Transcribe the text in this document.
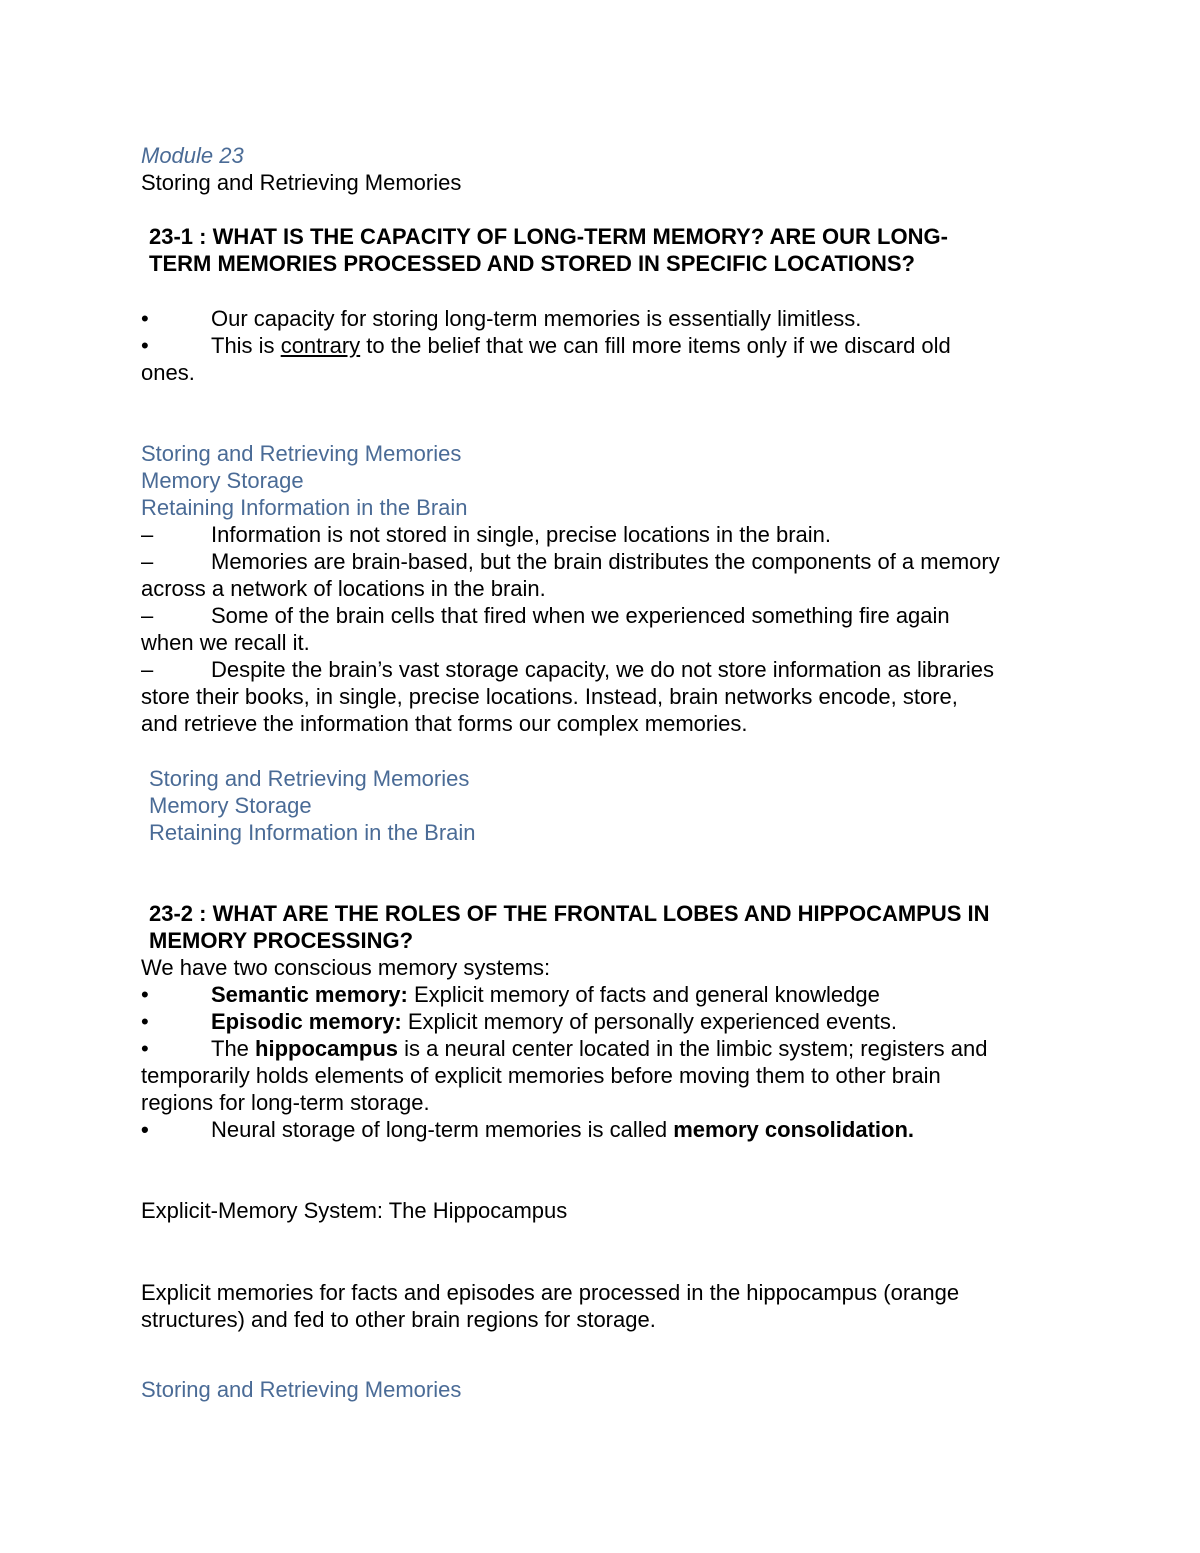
Module 23
Storing and Retrieving Memories
23-1 : WHAT IS THE CAPACITY OF LONG-TERM MEMORY? ARE OUR LONG-
TERM MEMORIES PROCESSED AND STORED IN SPECIFIC LOCATIONS?
•	Our capacity for storing long-term memories is essentially limitless.
•	This is contrary to the belief that we can fill more items only if we discard old
ones.
Storing and Retrieving Memories
Memory Storage
Retaining Information in the Brain
–	Information is not stored in single, precise locations in the brain.
–	Memories are brain-based, but the brain distributes the components of a memory
across a network of locations in the brain.
–	Some of the brain cells that fired when we experienced something fire again
when we recall it.
–	Despite the brain’s vast storage capacity, we do not store information as libraries
store their books, in single, precise locations. Instead, brain networks encode, store,
and retrieve the information that forms our complex memories.
Storing and Retrieving Memories
Memory Storage
Retaining Information in the Brain
23-2 : WHAT ARE THE ROLES OF THE FRONTAL LOBES AND HIPPOCAMPUS IN
MEMORY PROCESSING?
We have two conscious memory systems:
•	Semantic memory: Explicit memory of facts and general knowledge
•	Episodic memory: Explicit memory of personally experienced events.
•	The hippocampus is a neural center located in the limbic system; registers and
temporarily holds elements of explicit memories before moving them to other brain
regions for long-term storage.
•	Neural storage of long-term memories is called memory consolidation.
Explicit-Memory System: The Hippocampus
Explicit memories for facts and episodes are processed in the hippocampus (orange
structures) and fed to other brain regions for storage.
Storing and Retrieving Memories
